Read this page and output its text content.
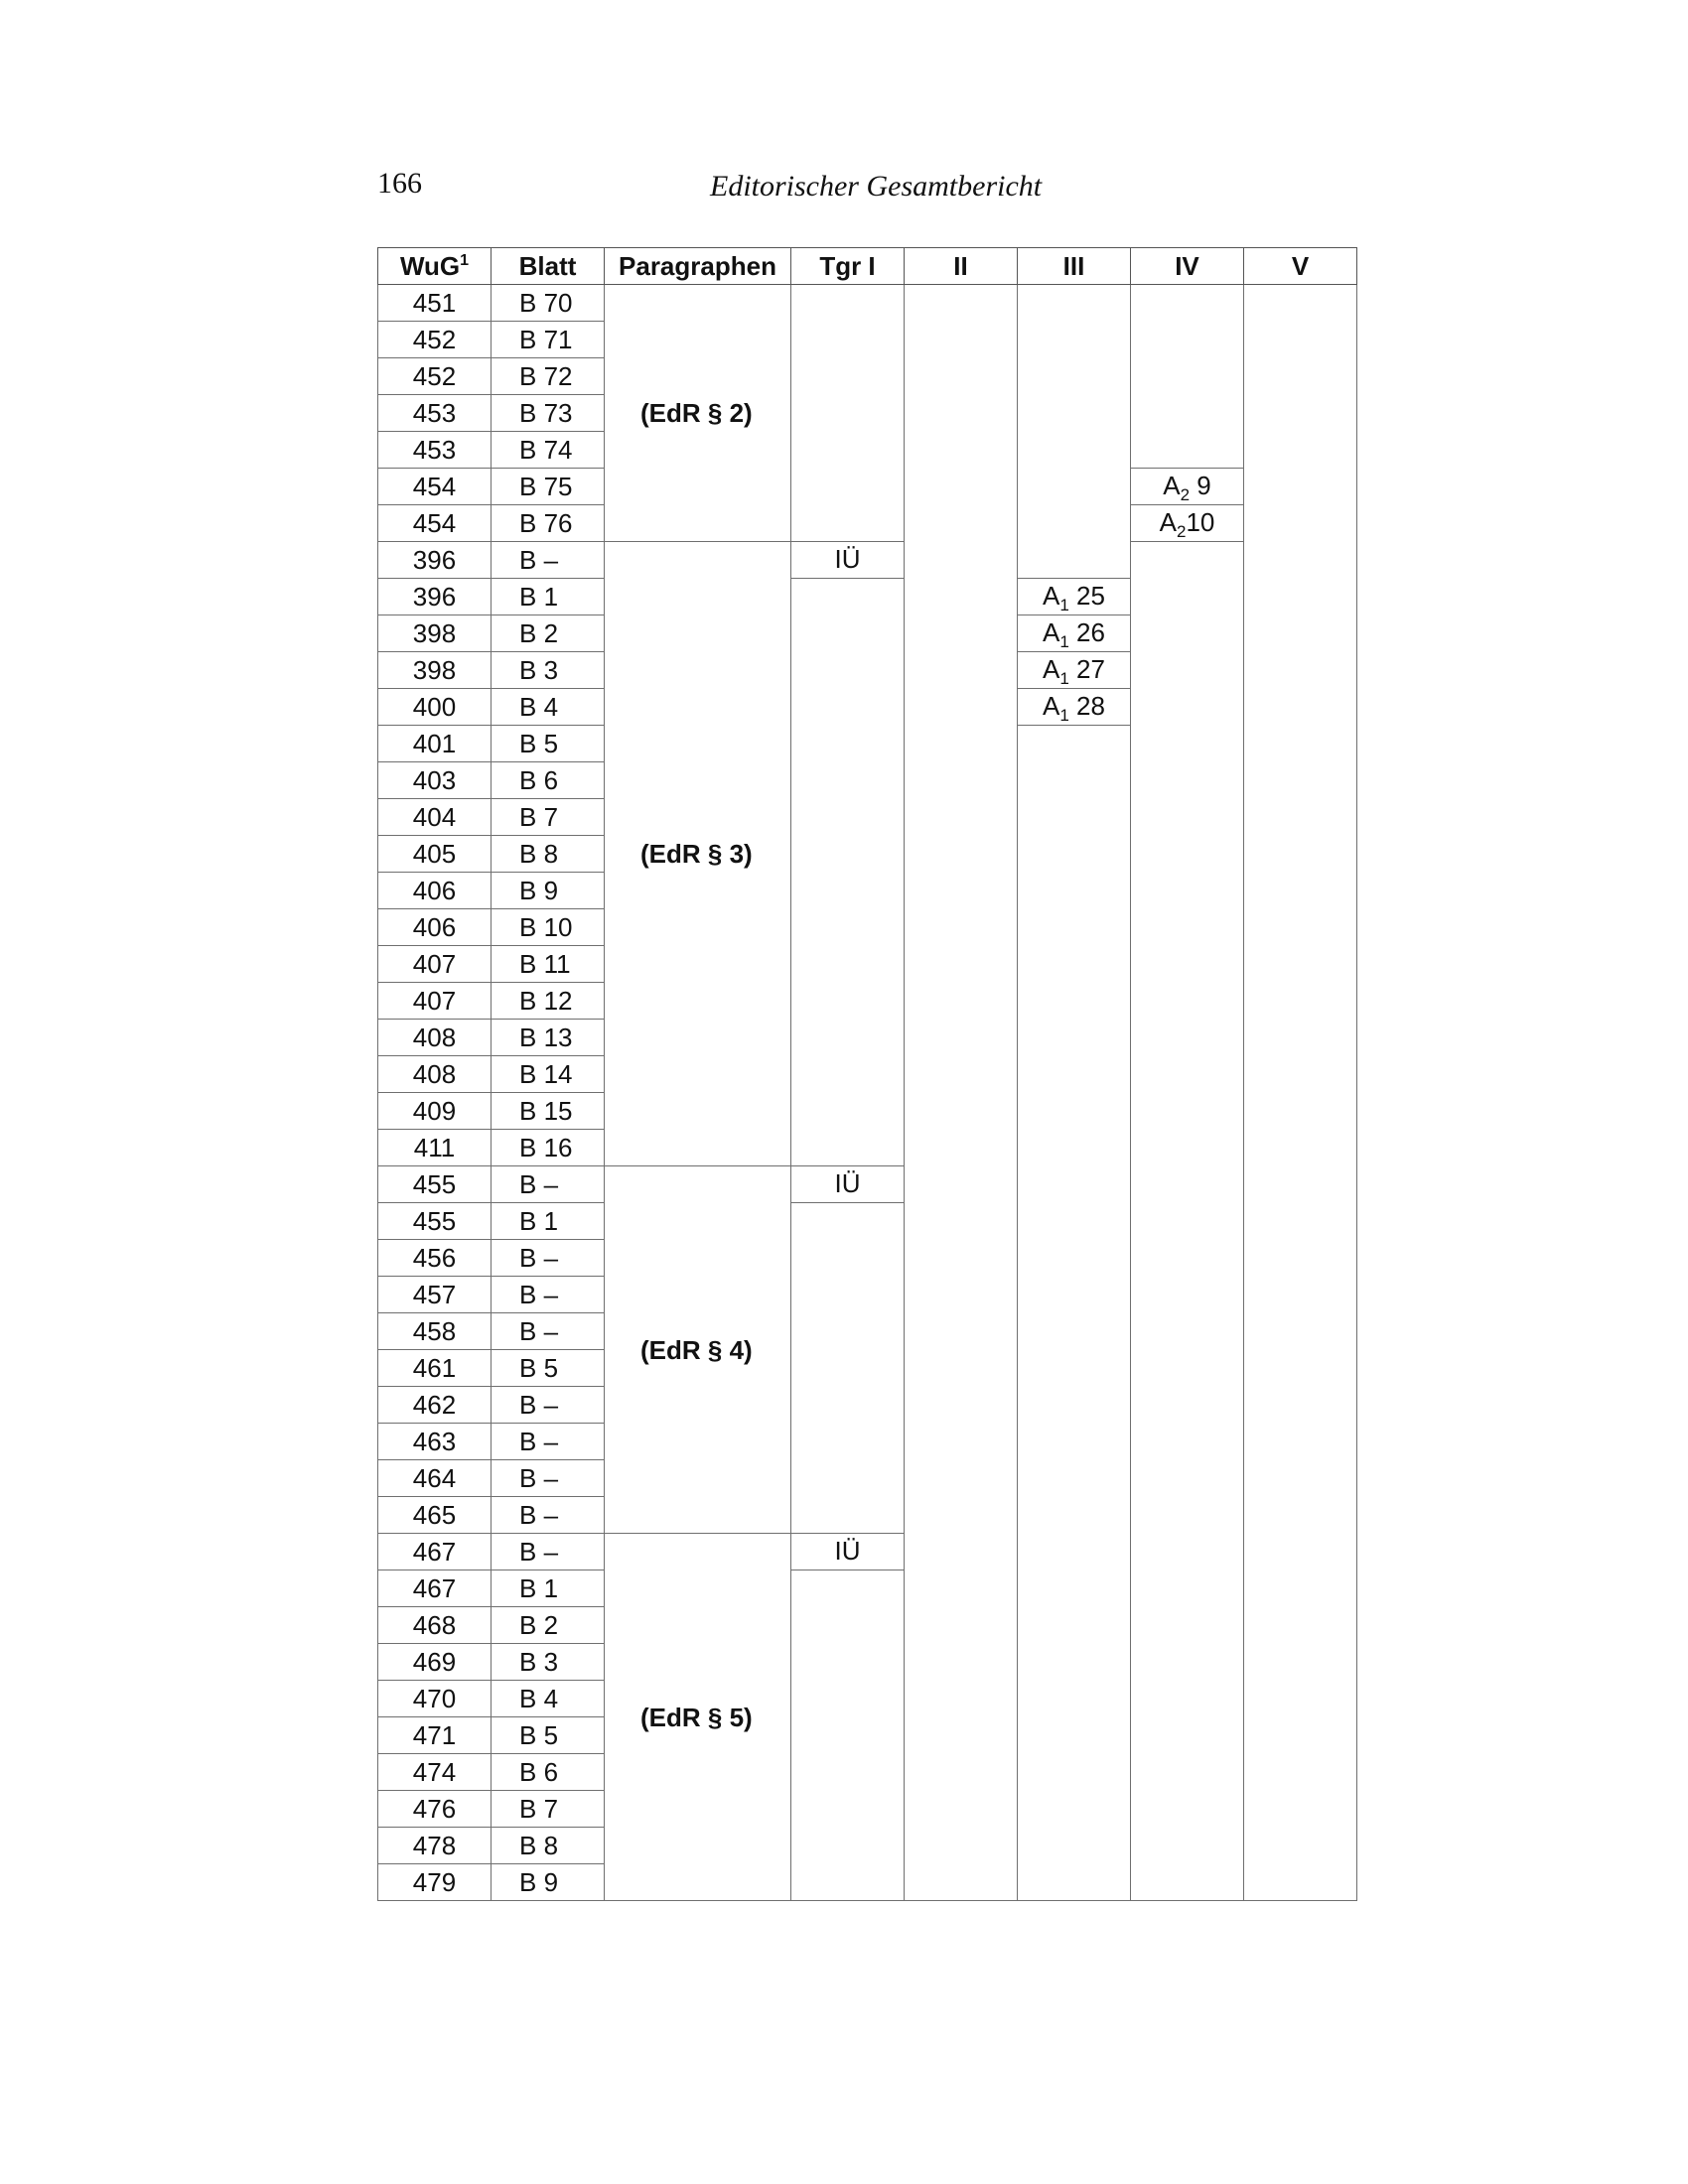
166	Editorischer Gesamtbericht
WuG$^1$	Blatt	Paragraphen	Tgr I	II	III	IV	V
451	B 70	(EdR § 2)					
452	B 71						
452	B 72						
453	B 73						
453	B 74						
454	B 75					$A_2$ 9	
454	B 76					$A_210$	
396	B –	(EdR § 3)	IÜ				
396	B 1				$A_1$ 25		
398	B 2				$A_1$ 26		
398	B 3				$A_1$ 27		
400	B 4				$A_1$ 28		
401	B 5						
403	B 6						
404	B 7						
405	B 8						
406	B 9						
406	B 10						
407	B 11						
407	B 12						
408	B 13						
408	B 14						
409	B 15						
411	B 16						
455	B –	(EdR § 4)	IÜ				
455	B 1						
456	B –						
457	B –						
458	B –						
461	B 5						
462	B –						
463	B –						
464	B –						
465	B –						
467	B –	(EdR § 5)	IÜ				
467	B 1						
468	B 2						
469	B 3						
470	B 4						
471	B 5						
474	B 6						
476	B 7						
478	B 8						
479	B 9						
